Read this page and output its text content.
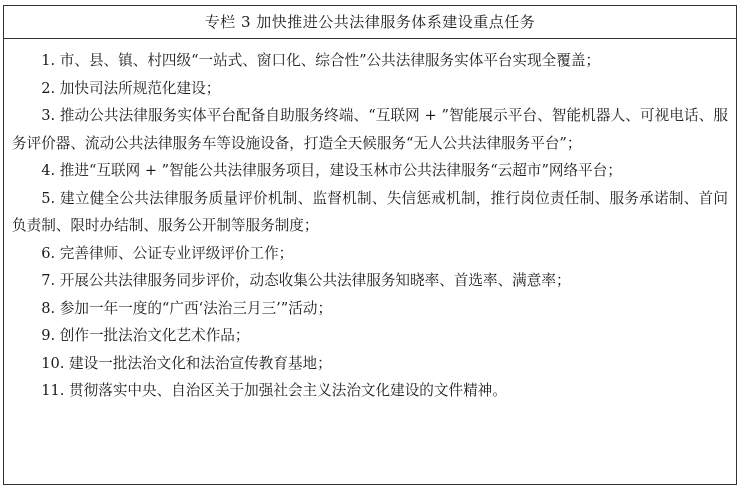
专栏 3 加快推进公共法律服务体系建设重点任务

1. 市、县、镇、村四级“一站式、窗口化、综合性”公共法律服务实体平台实现全覆盖；

2. 加快司法所规范化建设；

3. 推动公共法律服务实体平台配备自助服务终端、“互联网 + ”智能展示平台、智能机器人、可视电话、服务评价器、流动公共法律服务车等设施设备，打造全天候服务“无人公共法律服务平台”；

4. 推进“互联网 + ”智能公共法律服务项目，建设玉林市公共法律服务“云超市”网络平台；

5. 建立健全公共法律服务质量评价机制、监督机制、失信惩戒机制，推行岗位责任制、服务承诺制、首问负责制、限时办结制、服务公开制等服务制度；

6. 完善律师、公证专业评级评价工作；

7. 开展公共法律服务同步评价，动态收集公共法律服务知晓率、首选率、满意率；

8. 参加一年一度的“广西‘法治三月三’”活动；

9. 创作一批法治文化艺术作品；

10. 建设一批法治文化和法治宣传教育基地；

11. 贯彻落实中央、自治区关于加强社会主义法治文化建设的文件精神。
